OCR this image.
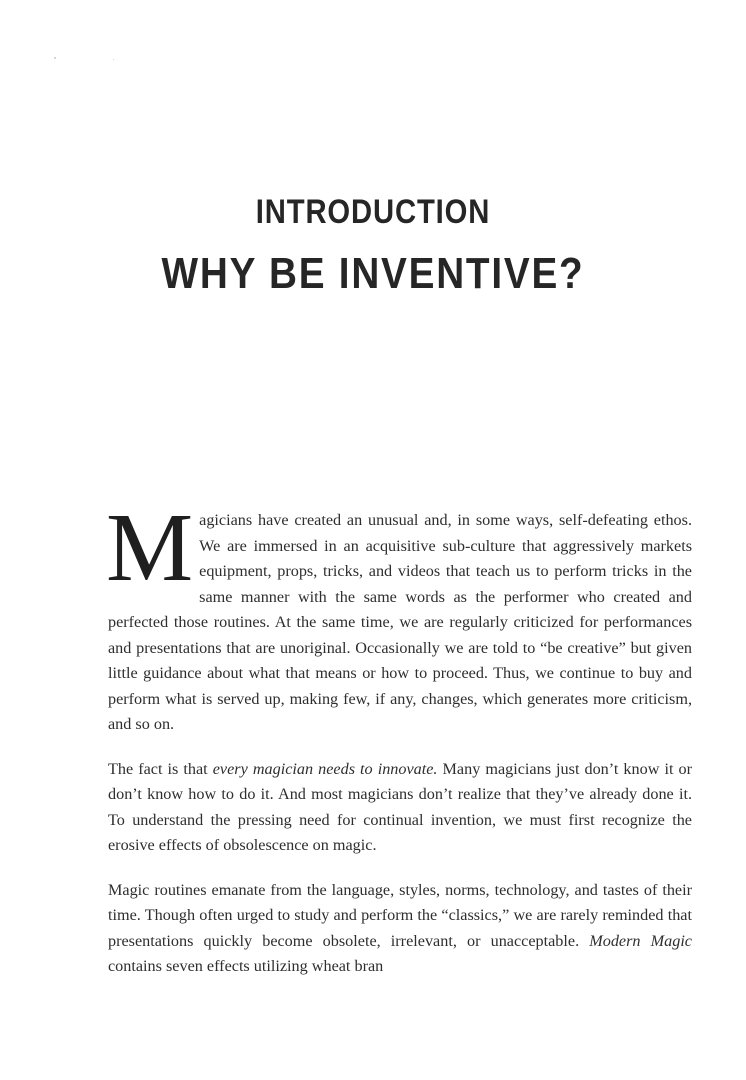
INTRODUCTION
WHY BE INVENTIVE?

Magicians have created an unusual and, in some ways, self-defeating ethos. We are immersed in an acquisitive sub-culture that aggressively markets equipment, props, tricks, and videos that teach us to perform tricks in the same manner with the same words as the performer who created and perfected those routines. At the same time, we are regularly criticized for performances and presentations that are unoriginal. Occasionally we are told to “be creative” but given little guidance about what that means or how to proceed. Thus, we continue to buy and perform what is served up, making few, if any, changes, which generates more criticism, and so on.

The fact is that every magician needs to innovate. Many magicians just don’t know it or don’t know how to do it. And most magicians don’t realize that they’ve already done it. To understand the pressing need for continual invention, we must first recognize the erosive effects of obsolescence on magic.

Magic routines emanate from the language, styles, norms, technology, and tastes of their time. Though often urged to study and perform the “classics,” we are rarely reminded that presentations quickly become obsolete, irrelevant, or unacceptable. Modern Magic contains seven effects utilizing wheat bran
